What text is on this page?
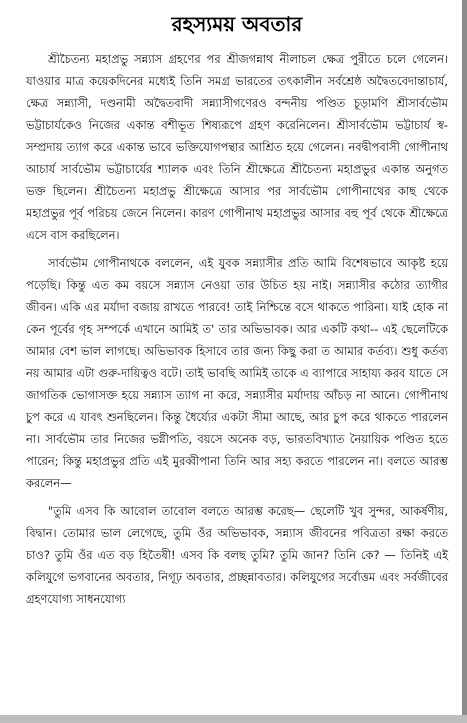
রহস্যময় অবতার

শ্রীচৈতন্য মহাপ্রভু সন্ন্যাস গ্রহণের পর শ্রীজগন্নাথ নীলাচল ক্ষেত্র পুরীতে চলে গেলেন। যাওয়ার মাত্র কয়েকদিনের মধ্যেই তিনি সমগ্র ভারতের তৎকালীন সর্বশ্রেষ্ঠ অদ্বৈতবেদান্তাচার্য, ক্ষেত্র সন্ন্যাসী, দণ্ডনামী অদ্বৈতবাদী সন্ন্যাসীগণেরও বন্দনীয় পণ্ডিত চূড়ামণি শ্রীসার্বভৌম ভট্টাচার্যকেও নিজের একান্ত বশীভূত শিষ্যরূপে গ্রহণ করেনিলেন। শ্রীসার্বভৌম ভট্টাচার্য স্ব-সম্প্রদায় ত্যাগ করে একান্ত ভাবে ভক্তিযোগপন্থার আশ্রিত হয়ে গেলেন। নবদ্বীপবাসী গোপীনাথ আচার্য সার্বভৌম ভট্টাচার্যের শ্যালক এবং তিনি শ্রীক্ষেত্রে শ্রীচৈতন্য মহাপ্রভুর একান্ত অনুগত ভক্ত ছিলেন। শ্রীচৈতন্য মহাপ্রভু শ্রীক্ষেত্রে আসার পর সার্বভৌম গোপীনাথের কাছ থেকে মহাপ্রভুর পূর্ব পরিচয় জেনে নিলেন। কারণ গোপীনাথ মহাপ্রভুর আসার বহু পূর্ব থেকে শ্রীক্ষেত্রে এসে বাস করছিলেন।

সার্বভৌম গোপীনাথকে বললেন, এই যুবক সন্ন্যাসীর প্রতি আমি বিশেষভাবে আকৃষ্ট হয়ে পড়েছি। কিন্তু এত কম বয়সে সন্ন্যাস নেওয়া তার উচিত হয় নাই। সন্ন্যাসীর কঠোর ত্যাগীর জীবন। একি এর মর্যাদা বজায় রাখতে পারবে! তাই নিশ্চিন্তে বসে থাকতে পারিনা। যাই হোক না কেন পূর্বের গৃহ সম্পর্কে এখানে আমিই ত' তার অভিভাবক। আর একটি কথা-- এই ছেলেটিকে আমার বেশ ভাল লাগছে। অভিভাবক হিসাবে তার জন্য কিছু করা ত আমার কর্তব্য। শুধু কর্তব্য নয় আমার এটা গুরু-দায়িত্বও বটে। তাই ভাবছি আমিই তাকে এ ব্যাপারে সাহায্য করব যাতে সে জাগতিক ভোগাসক্ত হয়ে সন্ন্যাস ত্যাগ না করে, সন্ন্যাসীর মর্যাদায় আঁচড় না আনে। গোপীনাথ চুপ করে এ যাবৎ শুনছিলেন। কিন্তু ধৈর্য্যের একটা সীমা আছে, আর চুপ করে থাকতে পারলেন না। সার্বভৌম তার নিজের ভগ্নীপতি, বয়সে অনেক বড়, ভারতবিখ্যাত নৈয়ায়িক পণ্ডিত হতে পারেন; কিন্তু মহাপ্রভুর প্রতি এই মুরব্বীপানা তিনি আর সহ্য করতে পারলেন না। বলতে আরম্ভ করলেন—

"তুমি এসব কি আবোল তাবোল বলতে আরম্ভ করেছ— ছেলেটি খুব সুন্দর, আকর্ষণীয়, বিদ্বান। তোমার ভাল লেগেছে, তুমি ওঁর অভিভাবক, সন্ন্যাস জীবনের পবিত্রতা রক্ষা করতে চাও? তুমি ওঁর এত বড় হিতৈষী! এসব কি বলছ তুমি? তুমি জান? তিনি কে? — তিনিই এই কলিযুগে ভগবানের অবতার, নিগূঢ় অবতার, প্রচ্ছন্নাবতার। কলিযুগের সর্বোত্তম এবং সর্বজীবের গ্রহণযোগ্য সাধনযোগ্য
